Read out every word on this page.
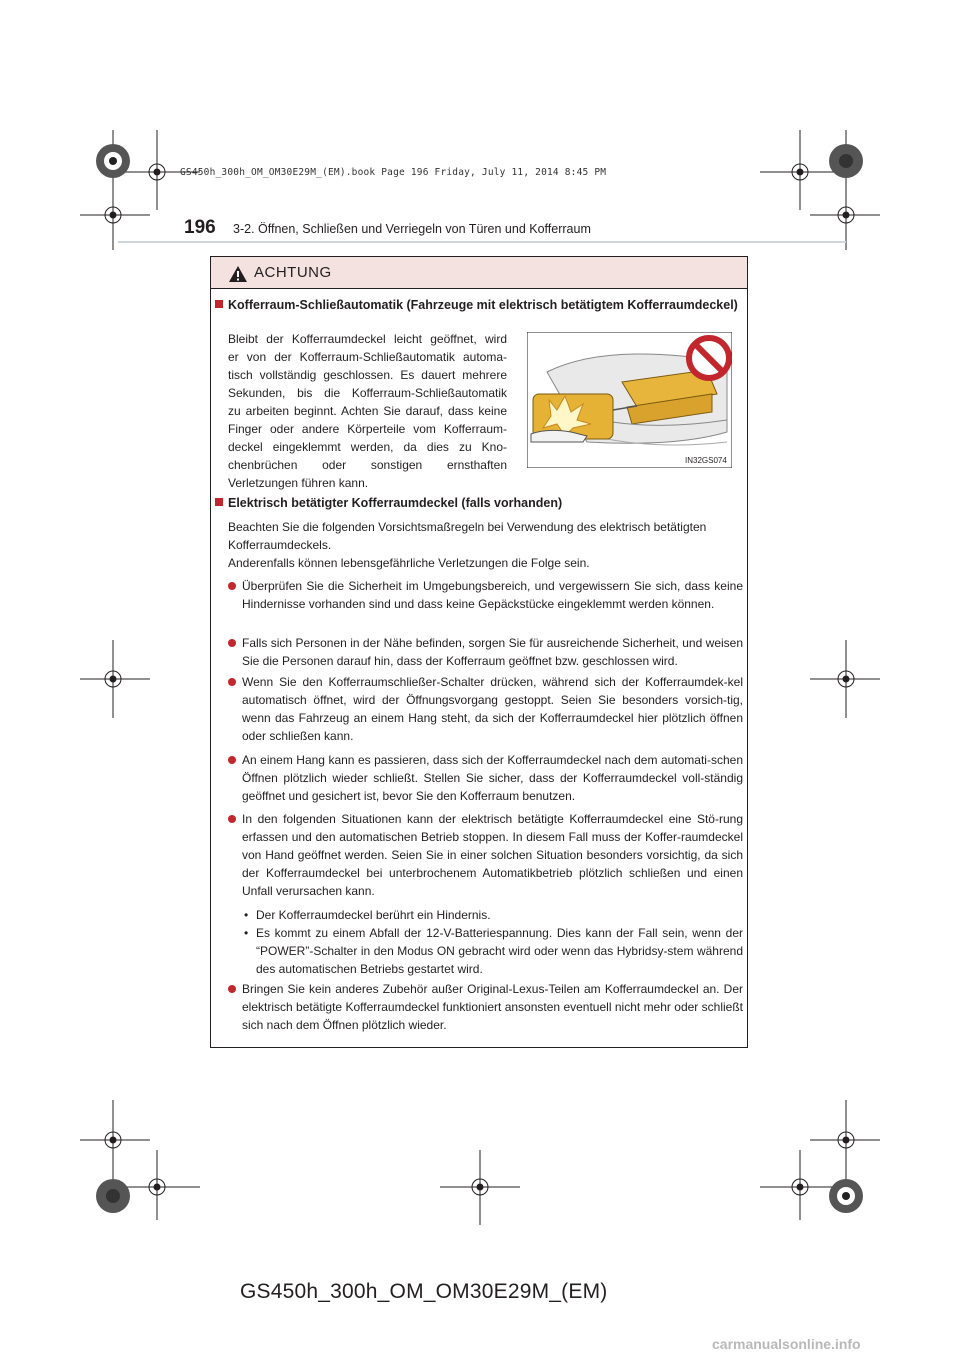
GS450h_300h_OM_OM30E29M_(EM).book Page 196 Friday, July 11, 2014 8:45 PM
196 3-2. Öffnen, Schließen und Verriegeln von Türen und Kofferraum
ACHTUNG
Kofferraum-Schließautomatik (Fahrzeuge mit elektrisch betätigtem Kofferraumdeckel)
Bleibt der Kofferraumdeckel leicht geöffnet, wird
er von der Kofferraum-Schließautomatik automa-
tisch vollständig geschlossen. Es dauert mehrere
Sekunden, bis die Kofferraum-Schließautomatik
zu arbeiten beginnt. Achten Sie darauf, dass keine
Finger oder andere Körperteile vom Kofferraum-
deckel eingeklemmt werden, da dies zu Kno-
chenbrüchen oder sonstigen ernsthaften
Verletzungen führen kann.
IN32GS074
Elektrisch betätigter Kofferraumdeckel (falls vorhanden)
Beachten Sie die folgenden Vorsichtsmaßregeln bei Verwendung des elektrisch betätigten Kofferraumdeckels.
Anderenfalls können lebensgefährliche Verletzungen die Folge sein.
Überprüfen Sie die Sicherheit im Umgebungsbereich, und vergewissern Sie sich, dass keine Hindernisse vorhanden sind und dass keine Gepäckstücke eingeklemmt werden können.
Falls sich Personen in der Nähe befinden, sorgen Sie für ausreichende Sicherheit, und weisen Sie die Personen darauf hin, dass der Kofferraum geöffnet bzw. geschlossen wird.
Wenn Sie den Kofferraumschließer-Schalter drücken, während sich der Kofferraumdek-kel automatisch öffnet, wird der Öffnungsvorgang gestoppt. Seien Sie besonders vorsich-tig, wenn das Fahrzeug an einem Hang steht, da sich der Kofferraumdeckel hier plötzlich öffnen oder schließen kann.
An einem Hang kann es passieren, dass sich der Kofferraumdeckel nach dem automati-schen Öffnen plötzlich wieder schließt. Stellen Sie sicher, dass der Kofferraumdeckel voll-ständig geöffnet und gesichert ist, bevor Sie den Kofferraum benutzen.
In den folgenden Situationen kann der elektrisch betätigte Kofferraumdeckel eine Stö-rung erfassen und den automatischen Betrieb stoppen. In diesem Fall muss der Koffer-raumdeckel von Hand geöffnet werden. Seien Sie in einer solchen Situation besonders vorsichtig, da sich der Kofferraumdeckel bei unterbrochenem Automatikbetrieb plötzlich schließen und einen Unfall verursachen kann.
• Der Kofferraumdeckel berührt ein Hindernis.
• Es kommt zu einem Abfall der 12-V-Batteriespannung. Dies kann der Fall sein, wenn der “POWER”-Schalter in den Modus ON gebracht wird oder wenn das Hybridsy-stem während des automatischen Betriebs gestartet wird.
Bringen Sie kein anderes Zubehör außer Original-Lexus-Teilen am Kofferraumdeckel an. Der elektrisch betätigte Kofferraumdeckel funktioniert ansonsten eventuell nicht mehr oder schließt sich nach dem Öffnen plötzlich wieder.
GS450h_300h_OM_OM30E29M_(EM)
carmanualsonline.info
